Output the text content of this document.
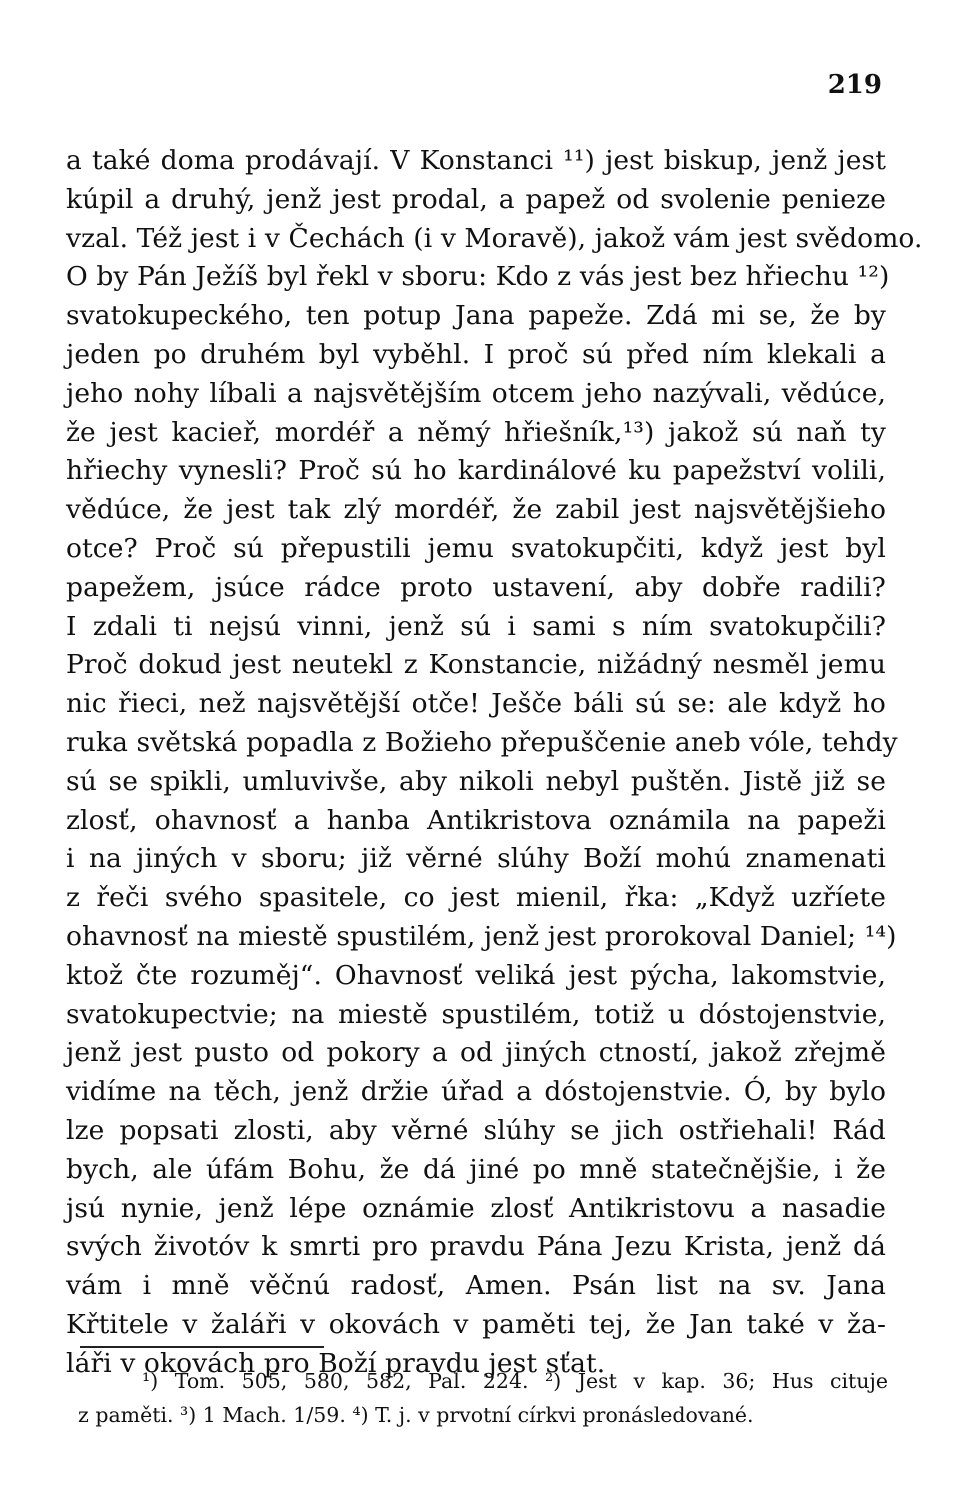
219
a také doma prodávají. V Konstanci ¹¹) jest biskup, jenž jest
kúpil a druhý, jenž jest prodal, a papež od svolenie penieze
vzal. Též jest i v Čechách (i v Moravě), jakož vám jest svědomo.
O by Pán Ježíš byl řekl v sboru: Kdo z vás jest bez hřiechu ¹²)
svatokupeckého, ten potup Jana papeže. Zdá mi se, že by
jeden po druhém byl vyběhl. I proč sú před ním klekali a
jeho nohy líbali a najsvětějším otcem jeho nazývali, vědúce,
že jest kacieř, mordéř a němý hřiešník,¹³) jakož sú naň ty
hřiechy vynesli? Proč sú ho kardinálové ku papežství volili,
vědúce, že jest tak zlý mordéř, že zabil jest najsvětějšieho
otce? Proč sú přepustili jemu svatokupčiti, když jest byl
papežem, jsúce rádce proto ustavení, aby dobře radili?
I zdali ti nejsú vinni, jenž sú i sami s ním svatokupčili?
Proč dokud jest neutekl z Konstancie, nižádný nesměl jemu
nic řieci, než najsvětější otče! Ješče báli sú se: ale když ho
ruka světská popadla z Božieho přepuščenie aneb vóle, tehdy
sú se spikli, umluvivše, aby nikoli nebyl puštěn. Jistě již se
zlosť, ohavnosť a hanba Antikristova oznámila na papeži
i na jiných v sboru; již věrné slúhy Boží mohú znamenati
z řeči svého spasitele, co jest mienil, řka: „Když uzříete
ohavnosť na miestě spustilém, jenž jest prorokoval Daniel; ¹⁴)
ktož čte rozuměj“. Ohavnosť veliká jest pýcha, lakomstvie,
svatokupectvie; na miestě spustilém, totiž u dóstojenstvie,
jenž jest pusto od pokory a od jiných ctností, jakož zřejmě
vidíme na těch, jenž držie úřad a dóstojenstvie. Ó, by bylo
lze popsati zlosti, aby věrné slúhy se jich ostřiehali! Rád
bych, ale úfám Bohu, že dá jiné po mně statečnějšie, i že
jsú nynie, jenž lépe oznámie zlosť Antikristovu a nasadie
svých životóv k smrti pro pravdu Pána Jezu Krista, jenž dá
vám i mně věčnú radosť, Amen. Psán list na sv. Jana
Křtitele v žaláři v okovách v paměti tej, že Jan také v ža-
láři v okovách pro Boží pravdu jest sťat.
¹) Tom. 505, 580, 582, Pal. 224. ²) Jest v kap. 36; Hus cituje
z paměti. ³) 1 Mach. 1/59. ⁴) T. j. v prvotní církvi pronásledované.
